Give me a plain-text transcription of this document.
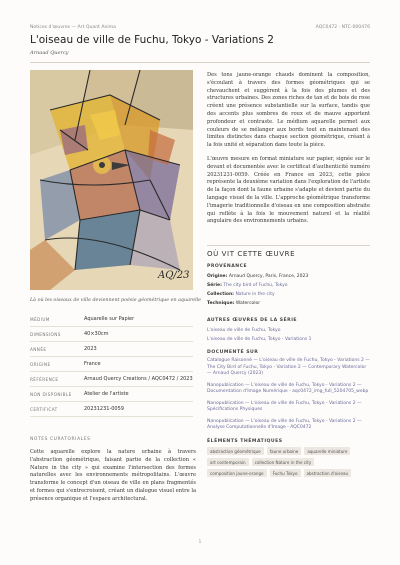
Notices d'œuvres — Art Quant Anima	AQC0472 · NTC-000476
L'oiseau de ville de Fuchu, Tokyo - Variations 2
Arnaud Quercy
AQ/23
Là où les oiseaux de ville deviennent poésie géométrique en aquarelle
MÉDIUM	Aquarelle sur Papier
DIMENSIONS	40×30cm
ANNÉE	2023
ORIGINE	France
RÉFÉRENCE	Arnaud Quercy Creations / AQC0472 / 2023
NON DISPONIBLE	Atelier de l'artiste
CERTIFICAT	20231231-0059
NOTES CURATORIALES

Cette aquarelle explore la nature urbaine à travers l'abstraction géométrique, faisant partie de la collection « Nature in the city » qui examine l'intersection des formes naturelles avec les environnements métropolitains. L'œuvre transforme le concept d'un oiseau de ville en plans fragmentés et formes qui s'entrecroisent, créant un dialogue visuel entre la présence organique et l'espace architectural.

Des tons jaune-orange chauds dominent la composition, s'écoulant à travers des formes géométriques qui se chevauchent et suggèrent à la fois des plumes et des structures urbaines. Des zones riches de tan et de bois de rose créent une présence substantielle sur la surface, tandis que des accents plus sombres de roux et de mauve apportent profondeur et contraste. Le médium aquarelle permet aux couleurs de se mélanger aux bords tout en maintenant des limites distinctes dans chaque section géométrique, créant à la fois unité et séparation dans toute la pièce.

L'œuvre mesure en format miniature sur papier, signée sur le devant et documentée avec le certificat d'authenticité numéro 20231231-0059. Créée en France en 2023, cette pièce représente la deuxième variation dans l'exploration de l'artiste de la façon dont la faune urbaine s'adapte et devient partie du langage visuel de la ville. L'approche géométrique transforme l'imagerie traditionnelle d'oiseau en une composition abstraite qui reflète à la fois le mouvement naturel et la réalité angulaire des environnements urbains.

OÙ VIT CETTE ŒUVRE
PROVENANCE
Origine: Arnaud Quercy, Paris, France, 2023
Série: The city bird of Fuchu, Tokyo
Collection: Nature in the city
Technique: Watercolor
AUTRES ŒUVRES DE LA SÉRIE
L'oiseau de ville de Fuchu, Tokyo
L'oiseau de ville de Fuchu, Tokyo - Variations 1
DOCUMENTÉ SUR
Catalogue Raisonné — L'oiseau de ville de Fuchu, Tokyo - Variations 2 — The City Bird of Fuchu, Tokyo - Variation 2 — Contemporary Watercolor — Arnaud Quercy (2023)
Nanopublication — L'oiseau de ville de Fuchu, Tokyo - Variations 2 — Documentation d'Image Numérique - aqc0472_img_full_5204705_webp
Nanopublication — L'oiseau de ville de Fuchu, Tokyo - Variations 2 — Spécifications Physiques
Nanopublication — L'oiseau de ville de Fuchu, Tokyo - Variations 2 — Analyse Computationnelle d'Image - AQC0472
ÉLÉMENTS THÉMATIQUES
abstraction géométrique	faune urbaine	aquarelle miniature
art contemporain	collection Nature in the city
composition jaune-orange	Fuchu Tokyo	abstraction d'oiseau
1
